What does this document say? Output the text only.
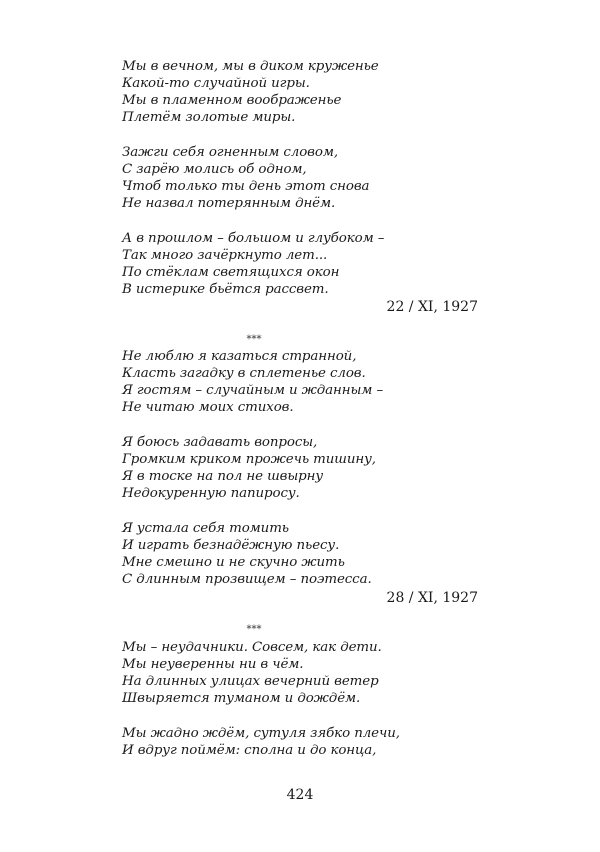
Мы в вечном, мы в диком круженье
Какой-то случайной игры.
Мы в пламенном воображенье
Плетём золотые миры.
Зажги себя огненным словом,
С зарёю молись об одном,
Чтоб только ты день этот снова
Не назвал потерянным днём.
А в прошлом – большом и глубоком –
Так много зачёркнуто лет...
По стёклам светящихся окон
В истерике бьётся рассвет.
22 / XI, 1927
***
Не люблю я казаться странной,
Класть загадку в сплетенье слов.
Я гостям – случайным и жданным –
Не читаю моих стихов.
Я боюсь задавать вопросы,
Громким криком прожечь тишину,
Я в тоске на пол не швырну
Недокуренную папиросу.
Я устала себя томить
И играть безнадёжную пьесу.
Мне смешно и не скучно жить
С длинным прозвищем – поэтесса.
28 / XI, 1927
***
Мы – неудачники. Совсем, как дети.
Мы неуверенны ни в чём.
На длинных улицах вечерний ветер
Швыряется туманом и дождём.
Мы жадно ждём, сутуля зябко плечи,
И вдруг поймём: сполна и до конца,
424
